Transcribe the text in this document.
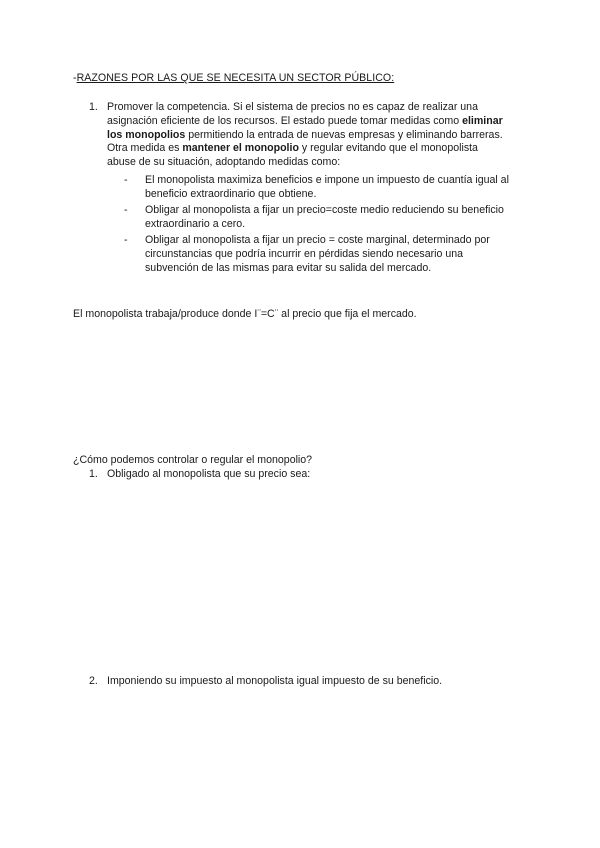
-RAZONES POR LAS QUE SE NECESITA UN SECTOR PÚBLICO:
1. Promover la competencia. Si el sistema de precios no es capaz de realizar una
asignación eficiente de los recursos. El estado puede tomar medidas como eliminar
los monopolios permitiendo la entrada de nuevas empresas y eliminando barreras.
Otra medida es mantener el monopolio y regular evitando que el monopolista
abuse de su situación, adoptando medidas como:
- El monopolista maximiza beneficios e impone un impuesto de cuantía igual al
beneficio extraordinario que obtiene.
- Obligar al monopolista a fijar un precio=coste medio reduciendo su beneficio
extraordinario a cero.
- Obligar al monopolista a fijar un precio = coste marginal, determinado por
circunstancias que podría incurrir en pérdidas siendo necesario una
subvención de las mismas para evitar su salida del mercado.
El monopolista trabaja/produce donde I¨=C¨ al precio que fija el mercado.
¿Cómo podemos controlar o regular el monopolio?
1. Obligado al monopolista que su precio sea:
2. Imponiendo su impuesto al monopolista igual impuesto de su beneficio.
